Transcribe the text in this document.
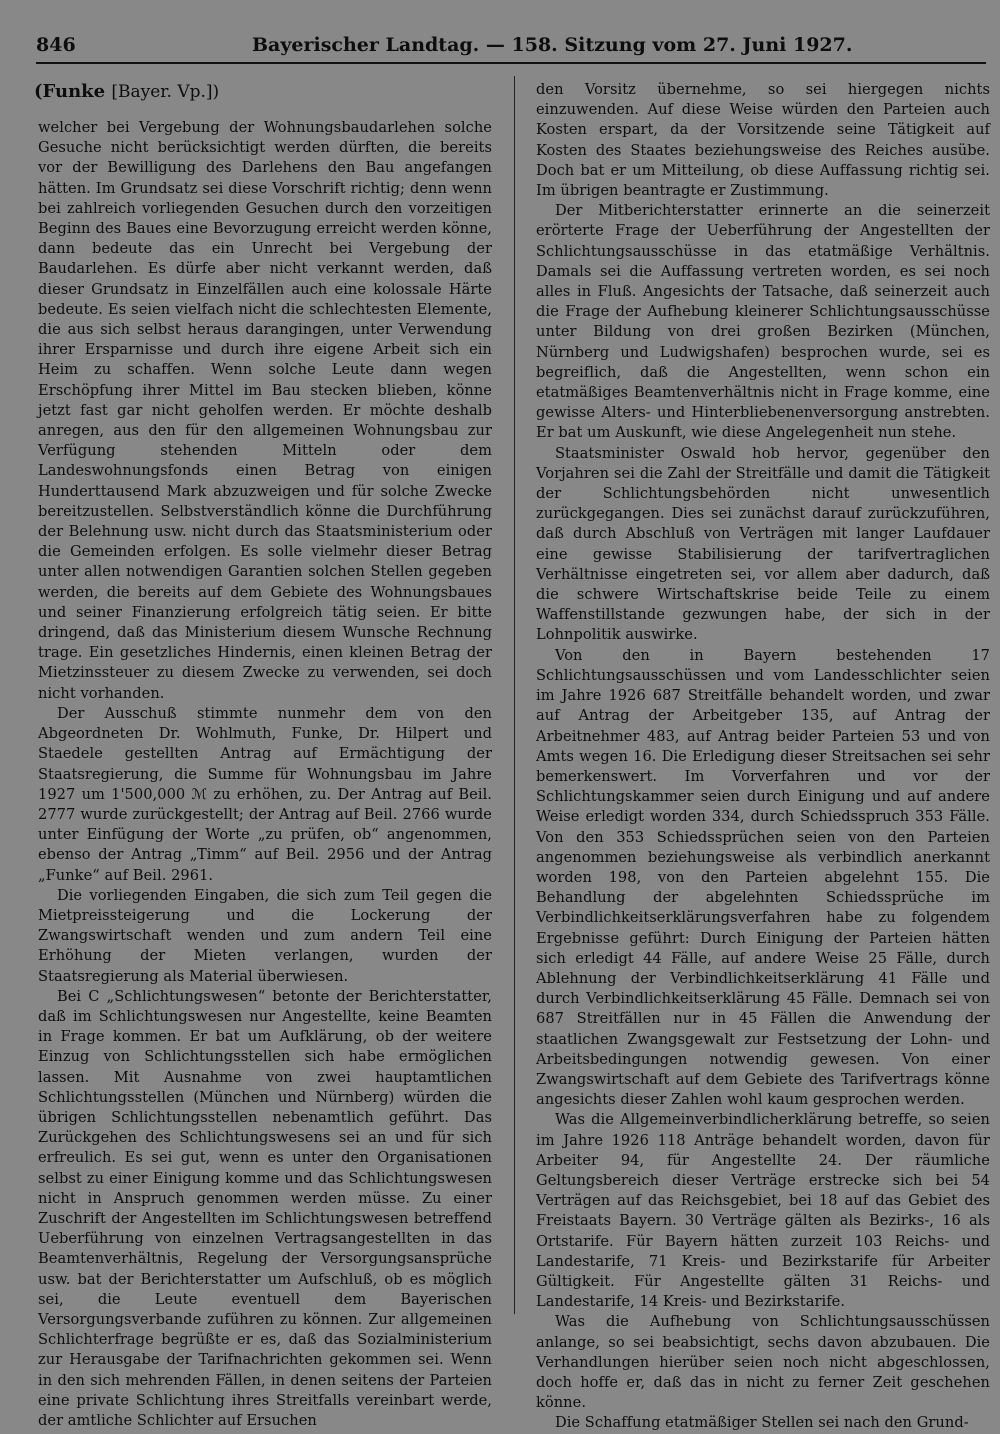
846	Bayerischer Landtag. — 158. Sitzung vom 27. Juni 1927.
(Funke [Bayer. Vp.])

welcher bei Vergebung der Wohnungsbaudarlehen solche Gesuche nicht berücksichtigt werden dürften, die bereits vor der Bewilligung des Darlehens den Bau angefangen hätten. Im Grundsatz sei diese Vorschrift richtig; denn wenn bei zahlreich vorliegenden Gesuchen durch den vorzeitigen Beginn des Baues eine Bevorzugung erreicht werden könne, dann bedeute das ein Unrecht bei Vergebung der Baudarlehen. Es dürfe aber nicht verkannt werden, daß dieser Grundsatz in Einzelfällen auch eine kolossale Härte bedeute. Es seien vielfach nicht die schlechtesten Elemente, die aus sich selbst heraus darangingen, unter Verwendung ihrer Ersparnisse und durch ihre eigene Arbeit sich ein Heim zu schaffen. Wenn solche Leute dann wegen Erschöpfung ihrer Mittel im Bau stecken blieben, könne jetzt fast gar nicht geholfen werden. Er möchte deshalb anregen, aus den für den allgemeinen Wohnungsbau zur Verfügung stehenden Mitteln oder dem Landeswohnungsfonds einen Betrag von einigen Hunderttausend Mark abzuzweigen und für solche Zwecke bereitzustellen. Selbstverständlich könne die Durchführung der Belehnung usw. nicht durch das Staatsministerium oder die Gemeinden erfolgen. Es solle vielmehr dieser Betrag unter allen notwendigen Garantien solchen Stellen gegeben werden, die bereits auf dem Gebiete des Wohnungsbaues und seiner Finanzierung erfolgreich tätig seien. Er bitte dringend, daß das Ministerium diesem Wunsche Rechnung trage. Ein gesetzliches Hindernis, einen kleinen Betrag der Mietzinssteuer zu diesem Zwecke zu verwenden, sei doch nicht vorhanden.

Der Ausschuß stimmte nunmehr dem von den Abgeordneten Dr. Wohlmuth, Funke, Dr. Hilpert und Staedele gestellten Antrag auf Ermächtigung der Staatsregierung, die Summe für Wohnungsbau im Jahre 1927 um 1'500,000 ℳ zu erhöhen, zu. Der Antrag auf Beil. 2777 wurde zurückgestellt; der Antrag auf Beil. 2766 wurde unter Einfügung der Worte „zu prüfen, ob“ angenommen, ebenso der Antrag „Timm“ auf Beil. 2956 und der Antrag „Funke“ auf Beil. 2961.

Die vorliegenden Eingaben, die sich zum Teil gegen die Mietpreissteigerung und die Lockerung der Zwangswirtschaft wenden und zum andern Teil eine Erhöhung der Mieten verlangen, wurden der Staatsregierung als Material überwiesen.

Bei C „Schlichtungswesen“ betonte der Berichterstatter, daß im Schlichtungswesen nur Angestellte, keine Beamten in Frage kommen. Er bat um Aufklärung, ob der weitere Einzug von Schlichtungsstellen sich habe ermöglichen lassen. Mit Ausnahme von zwei hauptamtlichen Schlichtungsstellen (München und Nürnberg) würden die übrigen Schlichtungsstellen nebenamtlich geführt. Das Zurückgehen des Schlichtungswesens sei an und für sich erfreulich. Es sei gut, wenn es unter den Organisationen selbst zu einer Einigung komme und das Schlichtungswesen nicht in Anspruch genommen werden müsse. Zu einer Zuschrift der Angestellten im Schlichtungswesen betreffend Ueberführung von einzelnen Vertragsangestellten in das Beamtenverhältnis, Regelung der Versorgungsansprüche usw. bat der Berichterstatter um Aufschluß, ob es möglich sei, die Leute eventuell dem Bayerischen Versorgungsverbande zuführen zu können. Zur allgemeinen Schlichterfrage begrüßte er es, daß das Sozialministerium zur Herausgabe der Tarifnachrichten gekommen sei. Wenn in den sich mehrenden Fällen, in denen seitens der Parteien eine private Schlichtung ihres Streitfalls vereinbart werde, der amtliche Schlichter auf Ersuchen

den Vorsitz übernehme, so sei hiergegen nichts einzuwenden. Auf diese Weise würden den Parteien auch Kosten erspart, da der Vorsitzende seine Tätigkeit auf Kosten des Staates beziehungsweise des Reiches ausübe. Doch bat er um Mitteilung, ob diese Auffassung richtig sei. Im übrigen beantragte er Zustimmung.

Der Mitberichterstatter erinnerte an die seinerzeit erörterte Frage der Ueberführung der Angestellten der Schlichtungsausschüsse in das etatmäßige Verhältnis. Damals sei die Auffassung vertreten worden, es sei noch alles in Fluß. Angesichts der Tatsache, daß seinerzeit auch die Frage der Aufhebung kleinerer Schlichtungsausschüsse unter Bildung von drei großen Bezirken (München, Nürnberg und Ludwigshafen) besprochen wurde, sei es begreiflich, daß die Angestellten, wenn schon ein etatmäßiges Beamtenverhältnis nicht in Frage komme, eine gewisse Alters- und Hinterbliebenenversorgung anstrebten. Er bat um Auskunft, wie diese Angelegenheit nun stehe.

Staatsminister Oswald hob hervor, gegenüber den Vorjahren sei die Zahl der Streitfälle und damit die Tätigkeit der Schlichtungsbehörden nicht unwesentlich zurückgegangen. Dies sei zunächst darauf zurückzuführen, daß durch Abschluß von Verträgen mit langer Laufdauer eine gewisse Stabilisierung der tarifvertraglichen Verhältnisse eingetreten sei, vor allem aber dadurch, daß die schwere Wirtschaftskrise beide Teile zu einem Waffenstillstande gezwungen habe, der sich in der Lohnpolitik auswirke.

Von den in Bayern bestehenden 17 Schlichtungsausschüssen und vom Landesschlichter seien im Jahre 1926 687 Streitfälle behandelt worden, und zwar auf Antrag der Arbeitgeber 135, auf Antrag der Arbeitnehmer 483, auf Antrag beider Parteien 53 und von Amts wegen 16. Die Erledigung dieser Streitsachen sei sehr bemerkenswert. Im Vorverfahren und vor der Schlichtungskammer seien durch Einigung und auf andere Weise erledigt worden 334, durch Schiedsspruch 353 Fälle. Von den 353 Schiedssprüchen seien von den Parteien angenommen beziehungsweise als verbindlich anerkannt worden 198, von den Parteien abgelehnt 155. Die Behandlung der abgelehnten Schiedssprüche im Verbindlichkeitserklärungsverfahren habe zu folgendem Ergebnisse geführt: Durch Einigung der Parteien hätten sich erledigt 44 Fälle, auf andere Weise 25 Fälle, durch Ablehnung der Verbindlichkeitserklärung 41 Fälle und durch Verbindlichkeitserklärung 45 Fälle. Demnach sei von 687 Streitfällen nur in 45 Fällen die Anwendung der staatlichen Zwangsgewalt zur Festsetzung der Lohn- und Arbeitsbedingungen notwendig gewesen. Von einer Zwangswirtschaft auf dem Gebiete des Tarifvertrags könne angesichts dieser Zahlen wohl kaum gesprochen werden.

Was die Allgemeinverbindlicherklärung betreffe, so seien im Jahre 1926 118 Anträge behandelt worden, davon für Arbeiter 94, für Angestellte 24. Der räumliche Geltungsbereich dieser Verträge erstrecke sich bei 54 Verträgen auf das Reichsgebiet, bei 18 auf das Gebiet des Freistaats Bayern. 30 Verträge gälten als Bezirks-, 16 als Ortstarife. Für Bayern hätten zurzeit 103 Reichs- und Landestarife, 71 Kreis- und Bezirkstarife für Arbeiter Gültigkeit. Für Angestellte gälten 31 Reichs- und Landestarife, 14 Kreis- und Bezirkstarife.

Was die Aufhebung von Schlichtungsausschüssen anlange, so sei beabsichtigt, sechs davon abzubauen. Die Verhandlungen hierüber seien noch nicht abgeschlossen, doch hoffe er, daß das in nicht zu ferner Zeit geschehen könne.

Die Schaffung etatmäßiger Stellen sei nach den Grund-
